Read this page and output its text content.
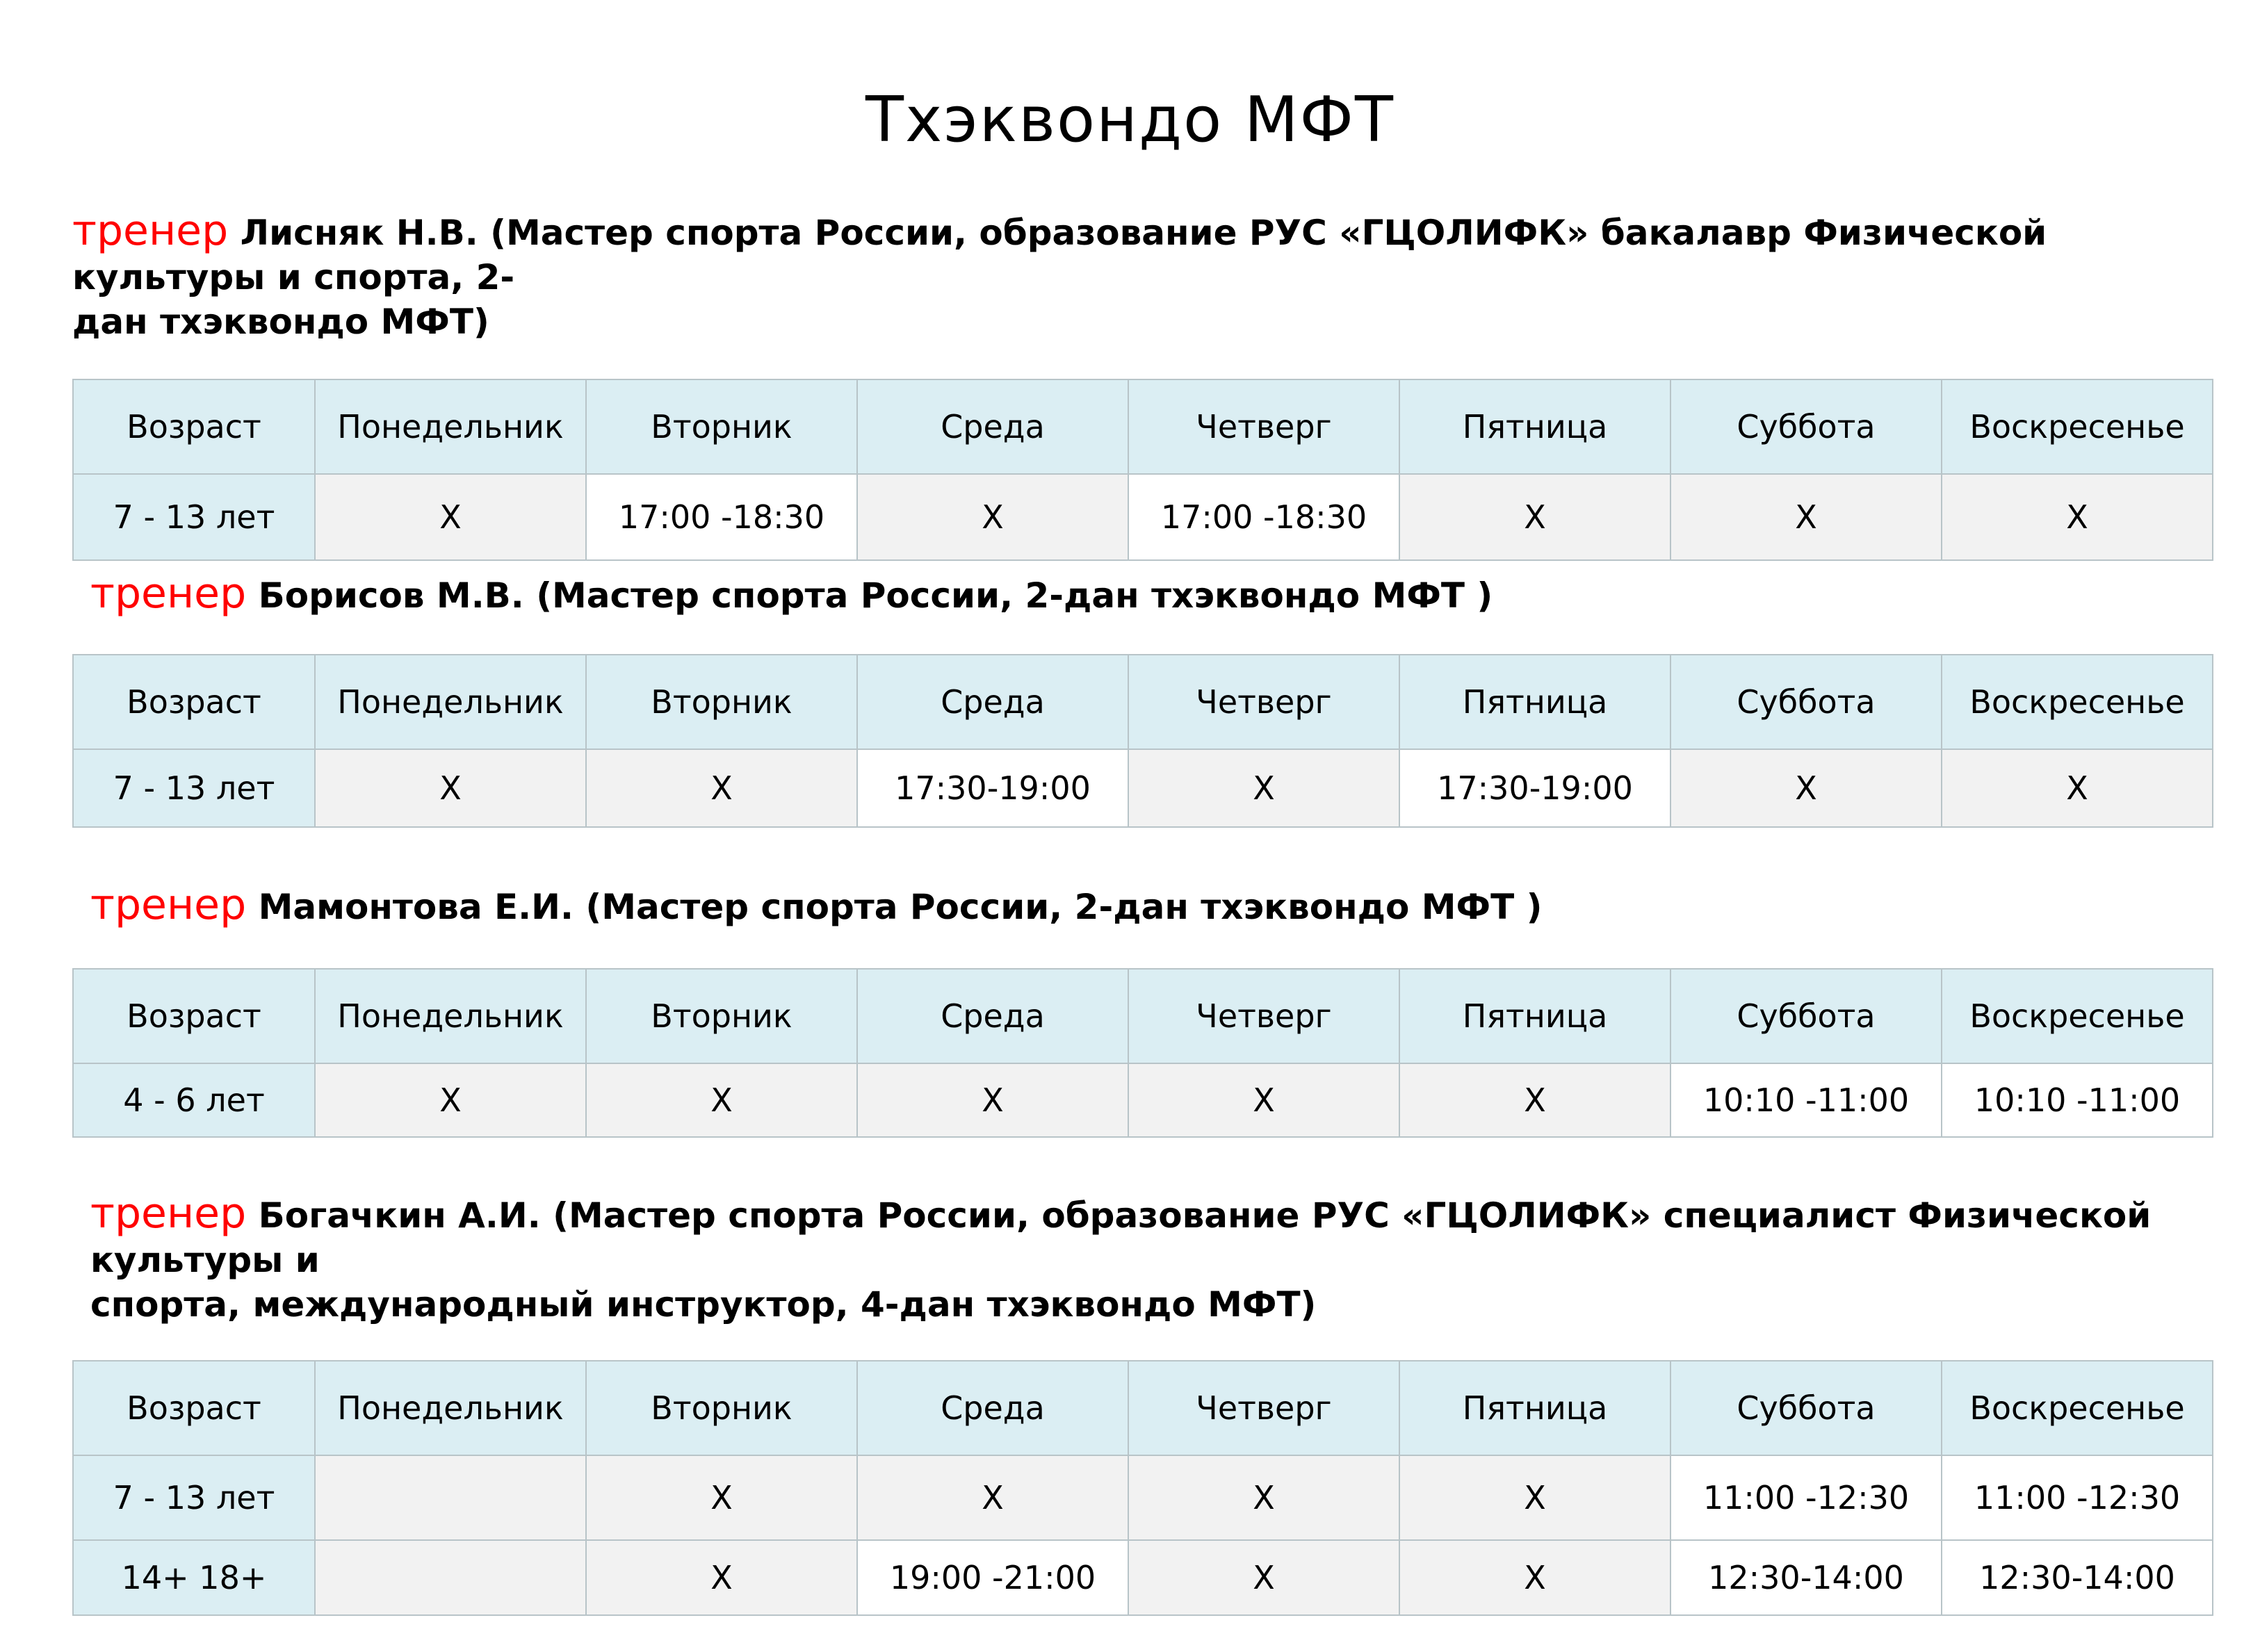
Тхэквондо МФТ
тренер Лисняк Н.В. (Мастер спорта России, образование РУС «ГЦОЛИФК» бакалавр Физической культуры и спорта, 2-
дан тхэквондо МФТ)
Возраст	Понедельник	Вторник	Среда	Четверг	Пятница	Суббота	Воскресенье
7 - 13 лет	X	17:00 -18:30	X	17:00 -18:30	X	X	X
тренер Борисов М.В. (Мастер спорта России, 2-дан тхэквондо МФТ )
Возраст	Понедельник	Вторник	Среда	Четверг	Пятница	Суббота	Воскресенье
7 - 13 лет	X	X	17:30-19:00	X	17:30-19:00	X	X
тренер Мамонтова Е.И. (Мастер спорта России, 2-дан тхэквондо МФТ )
Возраст	Понедельник	Вторник	Среда	Четверг	Пятница	Суббота	Воскресенье
4 - 6 лет	X	X	X	X	X	10:10 -11:00	10:10 -11:00
тренер Богачкин А.И. (Мастер спорта России, образование РУС «ГЦОЛИФК» специалист Физической культуры и
спорта, международный инструктор, 4-дан тхэквондо МФТ)
Возраст	Понедельник	Вторник	Среда	Четверг	Пятница	Суббота	Воскресенье
7 - 13 лет		X	X	X	X	11:00 -12:30	11:00 -12:30
14+ 18+		X	19:00 -21:00	X	X	12:30-14:00	12:30-14:00
